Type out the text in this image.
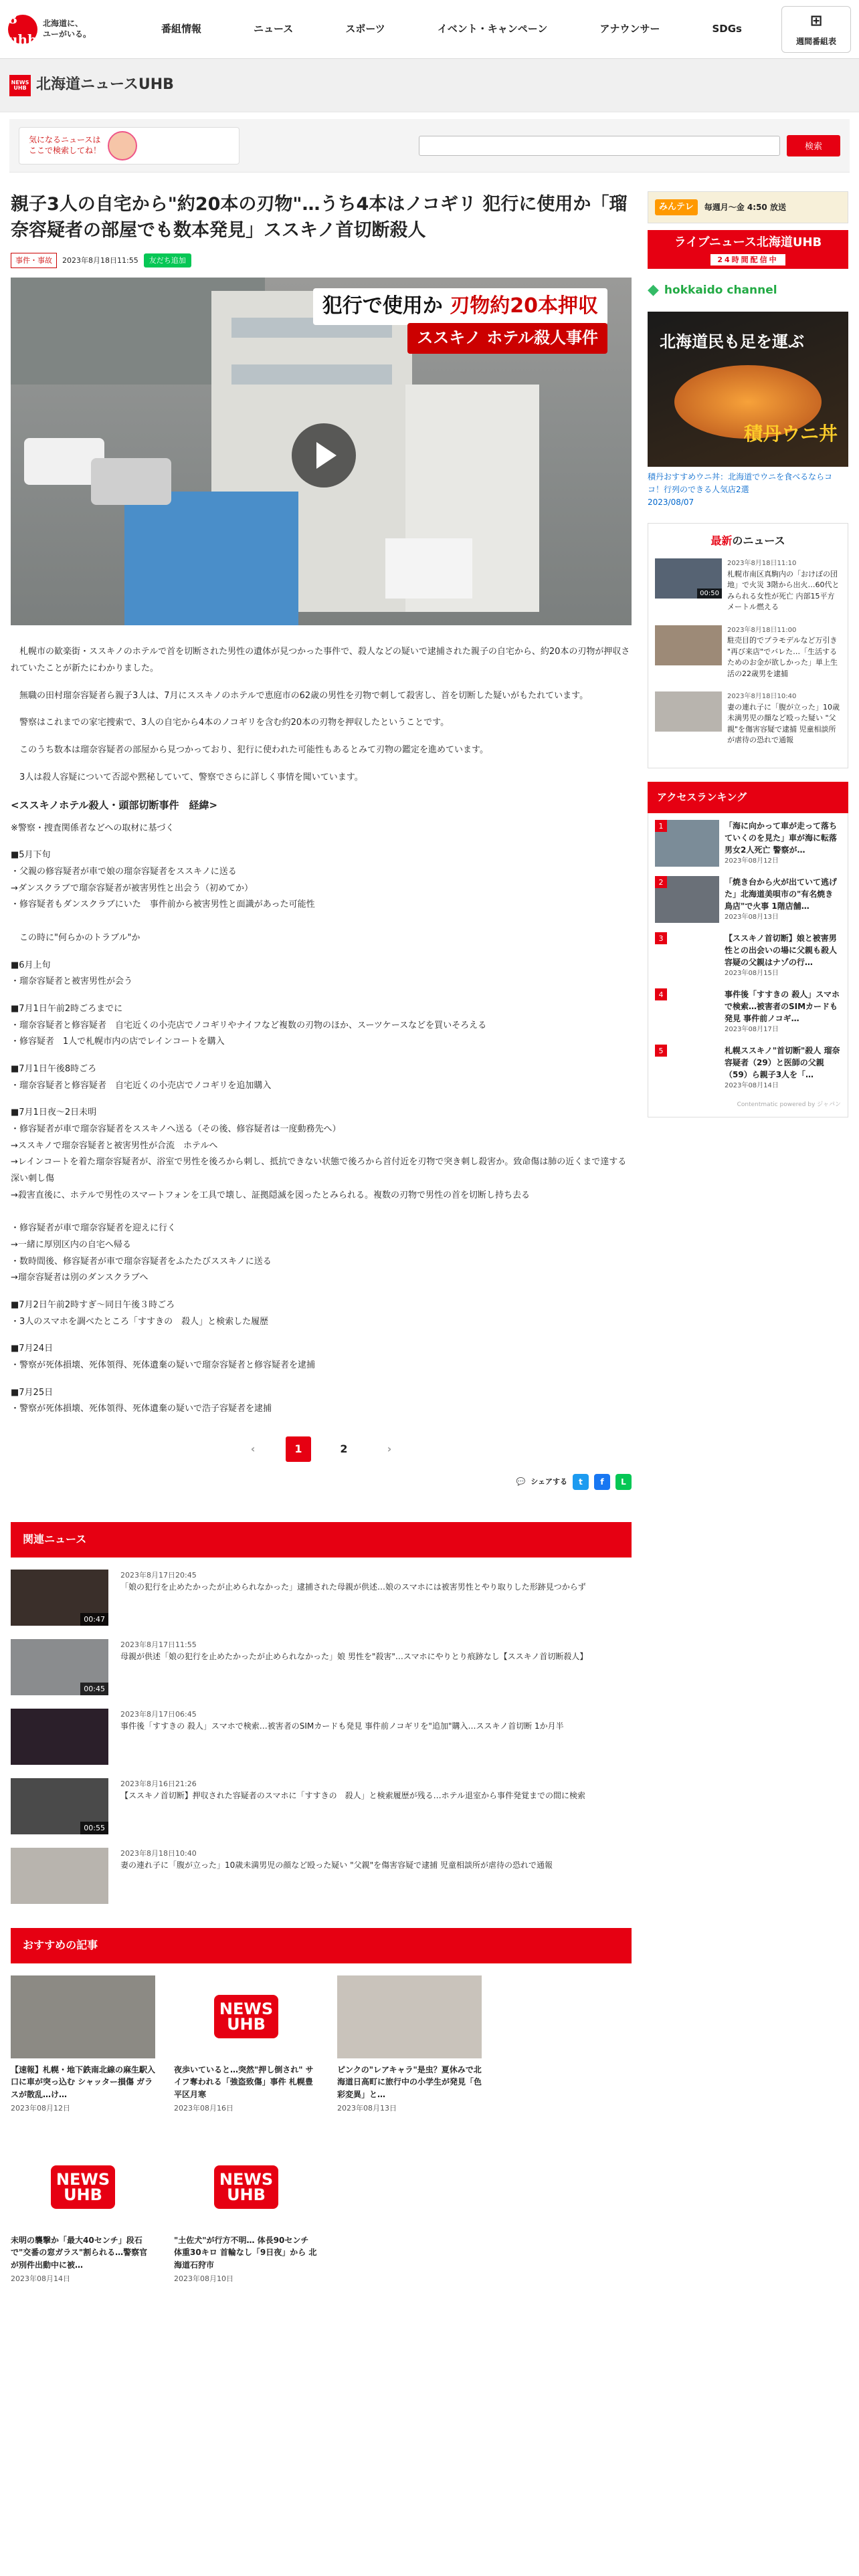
8 uhb
北海道に、
ユーがいる。	番組情報	ニュース	スポーツ	イベント・キャンペーン	アナウンサー	SDGs	⊞
週間番組表
NEWS UHB 北海道ニュースUHB
気になるニュースは
ここで検索してね！	検索
親子3人の自宅から"約20本の刃物"…うち4本はノコギリ 犯行に使用か「瑠奈容疑者の部屋でも数本発見」ススキノ首切断殺人
事件・事故	2023年8月18日11:55	友だち追加
犯行で使用か 刃物約20本押収
ススキノ ホテル殺人事件

　札幌市の歓楽街・ススキノのホテルで首を切断された男性の遺体が見つかった事件で、殺人などの疑いで逮捕された親子の自宅から、約20本の刃物が押収されていたことが新たにわかりました。

　無職の田村瑠奈容疑者ら親子3人は、7月にススキノのホテルで恵庭市の62歳の男性を刃物で刺して殺害し、首を切断した疑いがもたれています。

　警察はこれまでの家宅捜索で、3人の自宅から4本のノコギリを含む約20本の刃物を押収したということです。

　このうち数本は瑠奈容疑者の部屋から見つかっており、犯行に使われた可能性もあるとみて刃物の鑑定を進めています。

　3人は殺人容疑について否認や黙秘していて、警察でさらに詳しく事情を聞いています。

<ススキノホテル殺人・頭部切断事件　経緯>

※警察・捜査関係者などへの取材に基づく

■5月下旬
・父親の修容疑者が車で娘の瑠奈容疑者をススキノに送る
→ダンスクラブで瑠奈容疑者が被害男性と出会う（初めてか）
・修容疑者もダンスクラブにいた　事件前から被害男性と面識があった可能性

　この時に"何らかのトラブル"か

■6月上旬
・瑠奈容疑者と被害男性が会う

■7月1日午前2時ごろまでに
・瑠奈容疑者と修容疑者　自宅近くの小売店でノコギリやナイフなど複数の刃物のほか、スーツケースなどを買いそろえる
・修容疑者　1人で札幌市内の店でレインコートを購入

■7月1日午後8時ごろ
・瑠奈容疑者と修容疑者　自宅近くの小売店でノコギリを追加購入

■7月1日夜～2日未明
・修容疑者が車で瑠奈容疑者をススキノへ送る（その後、修容疑者は一度動務先へ）
→ススキノで瑠奈容疑者と被害男性が合流　ホテルへ
→レインコートを着た瑠奈容疑者が、浴室で男性を後ろから刺し、抵抗できない状態で後ろから首付近を刃物で突き刺し殺害か。致命傷は肺の近くまで達する深い刺し傷
→殺害直後に、ホテルで男性のスマートフォンを工具で壊し、証拠隠滅を図ったとみられる。複数の刃物で男性の首を切断し持ち去る

・修容疑者が車で瑠奈容疑者を迎えに行く
→一緒に厚別区内の自宅へ帰る
・数時間後、修容疑者が車で瑠奈容疑者をふたたびススキノに送る
→瑠奈容疑者は別のダンスクラブへ

■7月2日午前2時すぎ～同日午後３時ごろ
・3人のスマホを調べたところ「すすきの　殺人」と検索した履歴

■7月24日
・警察が死体損壊、死体領得、死体遺棄の疑いで瑠奈容疑者と修容疑者を逮捕

■7月25日
・警察が死体損壊、死体領得、死体遺棄の疑いで浩子容疑者を逮捕

‹	1	2	›
💬 シェアする	t	f	L
関連ニュース
00:47
2023年8月17日20:45
「娘の犯行を止めたかったが止められなかった」逮捕された母親が供述…娘のスマホには被害男性とやり取りした形跡見つからず
00:45
2023年8月17日11:55
母親が供述「娘の犯行を止めたかったが止められなかった」娘 男性を"殺害"…スマホにやりとり痕跡なし【ススキノ首切断殺人】
2023年8月17日06:45
事件後「すすきの 殺人」スマホで検索…被害者のSIMカードも発見 事件前ノコギリを"追加"購入…ススキノ首切断 1か月半
00:55
2023年8月16日21:26
【ススキノ首切断】押収された容疑者のスマホに「すすきの　殺人」と検索履歴が残る…ホテル退室から事件発覚までの間に検索
2023年8月18日10:40
妻の連れ子に「腹が立った」10歳未満男児の顔など殴った疑い "父親"を傷害容疑で逮捕 児童相談所が虐待の恐れで通報
おすすめの記事
【速報】札幌・地下鉄南北線の麻生駅入口に車が突っ込む シャッター損傷 ガラスが散乱…け…
2023年08月12日
NEWS
UHB
夜歩いていると…突然"押し倒され" サイフ奪われる「強盗致傷」事件 札幌豊平区月寒
2023年08月16日
ピンクの"レアキャラ"是虫？夏休みで北海道日高町に旅行中の小学生が発見「色彩変異」と…
2023年08月13日
NEWS
UHB
未明の襲撃か「最大40センチ」段石で"交番の窓ガラス"割られる…警察官が別件出動中に被…
2023年08月14日
NEWS
UHB
"土佐犬"が行方不明… 体長90センチ 体重30キロ 首輪なし「9日夜」から 北海道石狩市
2023年08月10日
みんテレ	毎週月～金 4:50 放送
ライブニュース北海道UHB
24時間配信中
◆ hokkaido channel
北海道民も足を運ぶ
積丹ウニ丼
積丹おすすめウニ丼：北海道でウニを食べるならココ！行列のできる人気店2選
2023/08/07
最新のニュース
00:50
2023年8月18日11:10
札幌市南区真駒内の「おけぼの団地」で火災 3階から出火…60代とみられる女性が死亡 内部15平方メートル燃える
2023年8月18日11:00
駐売目的でプラモデルなど万引き "再び来店"でバレた…「生活するためのお金が欲しかった」単上生活の22歳男を逮捕
2023年8月18日10:40
妻の連れ子に「腹が立った」10歳未満男児の顔など殴った疑い "父親"を傷害容疑で逮捕 児童相談所が虐待の恐れで通報
アクセスランキング
1	「海に向かって車が走って落ちていくのを見た」車が海に転落 男女2人死亡 警察が…
2023年08月12日
2	「焼き台から火が出ていて逃げた」北海道美唄市の"有名焼き鳥店"で火事 1階店舗…
2023年08月13日
3	【ススキノ首切断】娘と被害男性との出会いの場に父親も殺人容疑の父親はナゾの行…
2023年08月15日
4	事件後「すすきの 殺人」スマホで検索…被害者のSIMカードも発見 事件前ノコギ…
2023年08月17日
5	札幌ススキノ"首切断"殺人 瑠奈容疑者（29）と医師の父親（59）ら親子3人を「…
2023年08月14日
Contentmatic powered by ジャパン
